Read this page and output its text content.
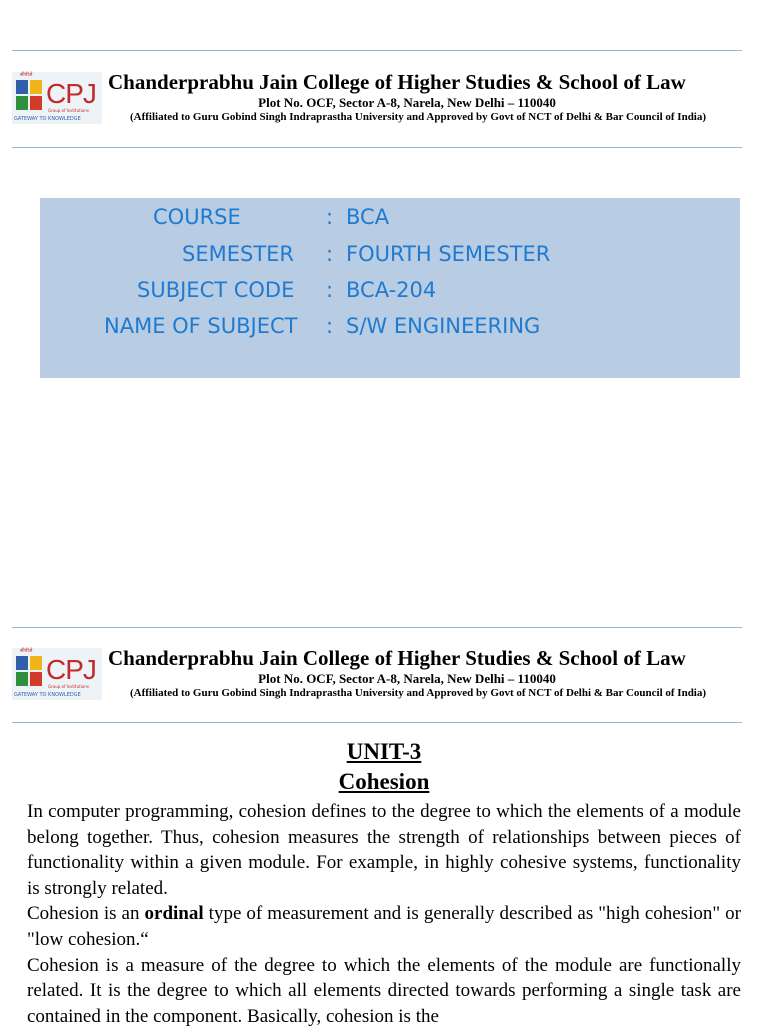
सीपीजे
CPJ
Group of Institutions
GATEWAY TO KNOWLEDGE
Chanderprabhu Jain College of Higher Studies & School of Law
Plot No. OCF, Sector A-8, Narela, New Delhi – 110040
(Affiliated to Guru Gobind Singh Indraprastha University and Approved by Govt of NCT of Delhi & Bar Council of India)
COURSE	: BCA
SEMESTER : FOURTH SEMESTER
SUBJECT CODE : BCA-204
NAME OF SUBJECT : S/W ENGINEERING
सीपीजे
CPJ
Group of Institutions
GATEWAY TO KNOWLEDGE
Chanderprabhu Jain College of Higher Studies & School of Law
Plot No. OCF, Sector A-8, Narela, New Delhi – 110040
(Affiliated to Guru Gobind Singh Indraprastha University and Approved by Govt of NCT of Delhi & Bar Council of India)
UNIT-3
Cohesion

In computer programming, cohesion defines to the degree to which the elements of a module belong together. Thus, cohesion measures the strength of relationships between pieces of functionality within a given module. For example, in highly cohesive systems, functionality is strongly related.

Cohesion is an ordinal type of measurement and is generally described as "high cohesion" or "low cohesion.“

Cohesion is a measure of the degree to which the elements of the module are functionally related. It is the degree to which all elements directed towards performing a single task are contained in the component. Basically, cohesion is the
